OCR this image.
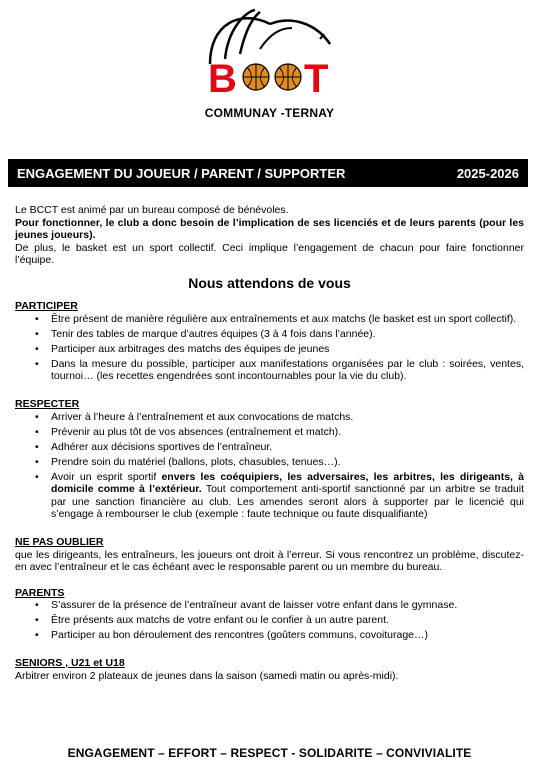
B T
COMMUNAY -TERNAY
ENGAGEMENT DU JOUEUR / PARENT / SUPPORTER	2025-2026

Le BCCT est animé par un bureau composé de bénévoles.

Pour fonctionner, le club a donc besoin de l’implication de ses licenciés et de leurs parents (pour les jeunes joueurs).

De plus, le basket est un sport collectif. Ceci implique l’engagement de chacun pour faire fonctionner l’équipe.

Nous attendons de vous

PARTICIPER

• Être présent de manière régulière aux entraînements et aux matchs (le basket est un sport collectif).
• Tenir des tables de marque d’autres équipes (3 à 4 fois dans l’année).
• Participer aux arbitrages des matchs des équipes de jeunes
• Dans la mesure du possible, participer aux manifestations organisées par le club : soirées, ventes, tournoi… (les recettes engendrées sont incontournables pour la vie du club).

RESPECTER

• Arriver à l’heure à l’entraînement et aux convocations de matchs.
• Prévenir au plus tôt de vos absences (entraînement et match).
• Adhérer aux décisions sportives de l’entraîneur.
• Prendre soin du matériel (ballons, plots, chasubles, tenues…).
• Avoir un esprit sportif envers les coéquipiers, les adversaires, les arbitres, les dirigeants, à domicile comme à l’extérieur. Tout comportement anti-sportif sanctionné par un arbitre se traduit par une sanction financière au club. Les amendes seront alors à supporter par le licencié qui s’engage à rembourser le club (exemple : faute technique ou faute disqualifiante)

NE PAS OUBLIER

que les dirigeants, les entraîneurs, les joueurs ont droit à l’erreur. Si vous rencontrez un problème, discutez-en avec l’entraîneur et le cas échéant avec le responsable parent ou un membre du bureau.

PARENTS

• S’assurer de la présence de l’entraîneur avant de laisser votre enfant dans le gymnase.
• Être présents aux matchs de votre enfant ou le confier à un autre parent.
• Participer au bon déroulement des rencontres (goûters communs, covoiturage…)

SENIORS , U21 et U18

Arbitrer environ 2 plateaux de jeunes dans la saison (samedi matin ou après-midi).

ENGAGEMENT – EFFORT – RESPECT - SOLIDARITE – CONVIVIALITE
